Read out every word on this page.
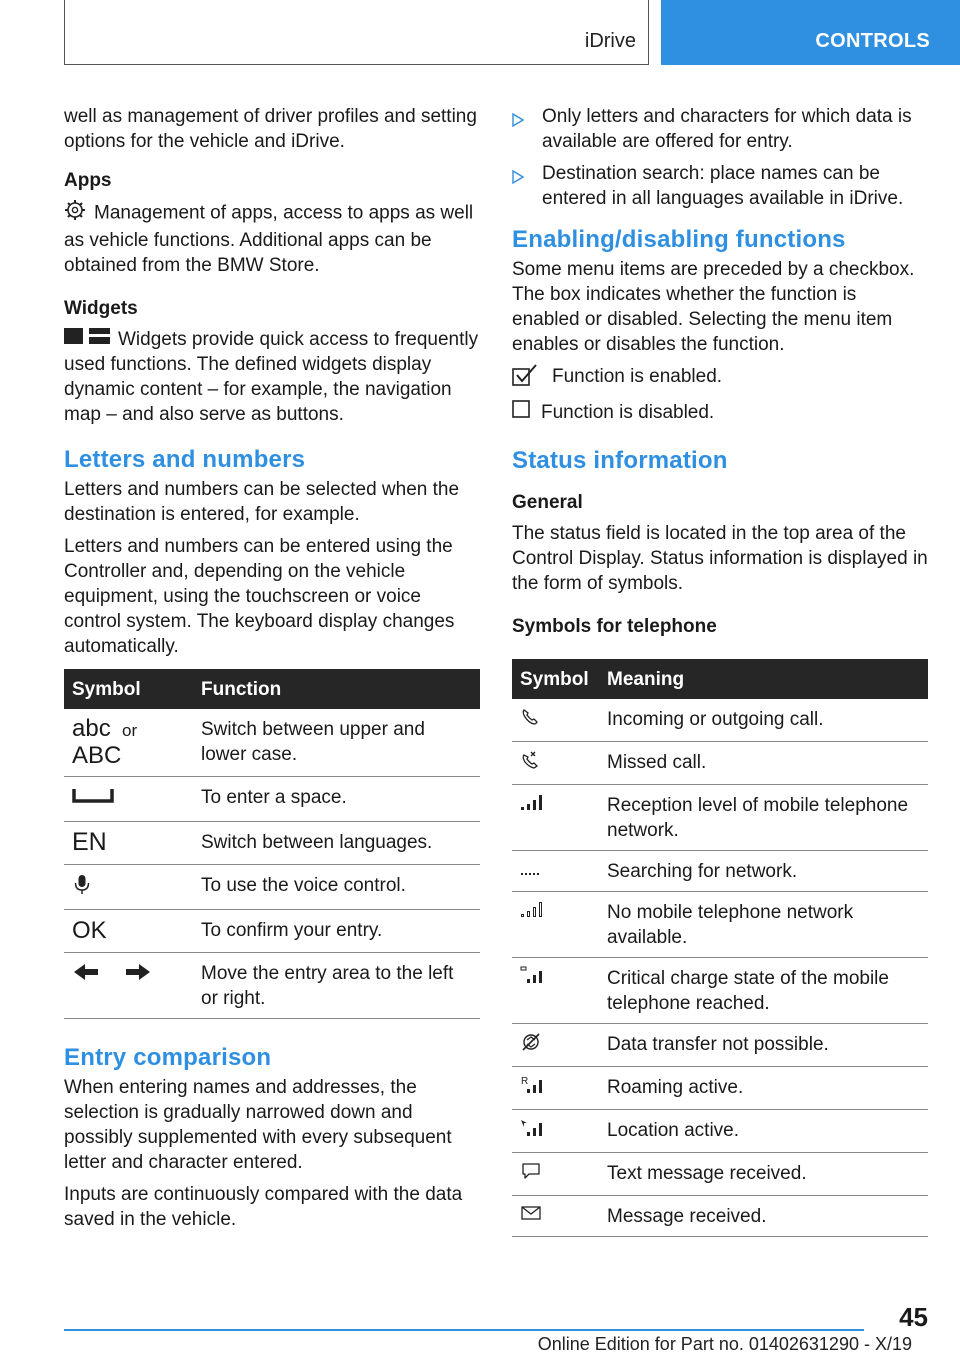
iDrive	CONTROLS

well as management of driver profiles and setting options for the vehicle and iDrive.

Apps

Management of apps, access to apps as well as vehicle functions. Additional apps can be obtained from the BMW Store.

Widgets

Widgets provide quick access to frequently used functions. The defined widgets display dynamic content – for example, the navigation map – and also serve as buttons.

Letters and numbers

Letters and numbers can be selected when the destination is entered, for example.

Letters and numbers can be entered using the Controller and, depending on the vehicle equipment, using the touchscreen or voice control system. The keyboard display changes automatically.

Symbol	Function

abc or
ABC	Switch between upper and lower case.
	To enter a space.
EN	Switch between languages.
	To use the voice control.
OK	To confirm your entry.
	Move the entry area to the left or right.
Entry comparison

When entering names and addresses, the selection is gradually narrowed down and possibly supplemented with every subsequent letter and character entered.

Inputs are continuously compared with the data saved in the vehicle.

Only letters and characters for which data is available are offered for entry.
Destination search: place names can be entered in all languages available in iDrive.
Enabling/disabling functions

Some menu items are preceded by a checkbox. The box indicates whether the function is enabled or disabled. Selecting the menu item enables or disables the function.

Function is enabled.
Function is disabled.
Status information
General

The status field is located in the top area of the Control Display. Status information is displayed in the form of symbols.

Symbols for telephone
Symbol	Meaning
	Incoming or outgoing call.
	Missed call.
	Reception level of mobile telephone network.
	Searching for network.
	No mobile telephone network available.
	Critical charge state of the mobile telephone reached.
	Data transfer not possible.

R	Roaming active.
	Location active.
	Text message received.
	Message received.
45
Online Edition for Part no. 01402631290 - X/19
